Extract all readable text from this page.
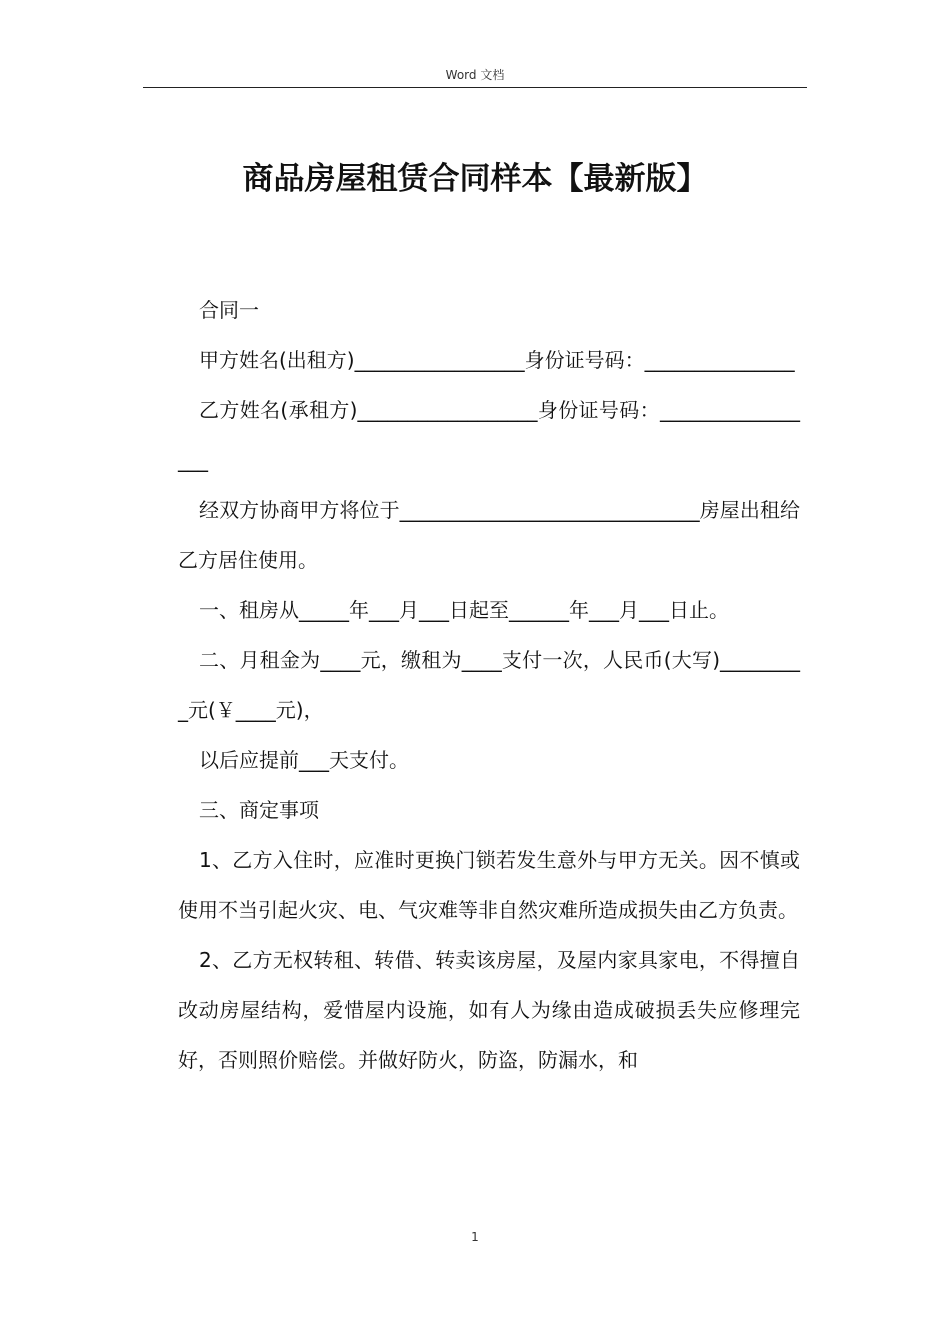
Word 文档
商品房屋租赁合同样本【最新版】

合同一

甲方姓名(出租方)_________________身份证号码：_______________

乙方姓名(承租方)__________________身份证号码：_________________

经双方协商甲方将位于______________________________房屋出租给乙方居住使用。

一、租房从_____年___月___日起至______年___月___日止。

二、月租金为____元，缴租为____支付一次，人民币(大写)_________元(￥____元)，

以后应提前___天支付。

三、商定事项

1、乙方入住时，应准时更换门锁若发生意外与甲方无关。因不慎或使用不当引起火灾、电、气灾难等非自然灾难所造成损失由乙方负责。

2、乙方无权转租、转借、转卖该房屋，及屋内家具家电，不得擅自改动房屋结构，爱惜屋内设施，如有人为缘由造成破损丢失应修理完好，否则照价赔偿。并做好防火，防盗，防漏水，和

1
